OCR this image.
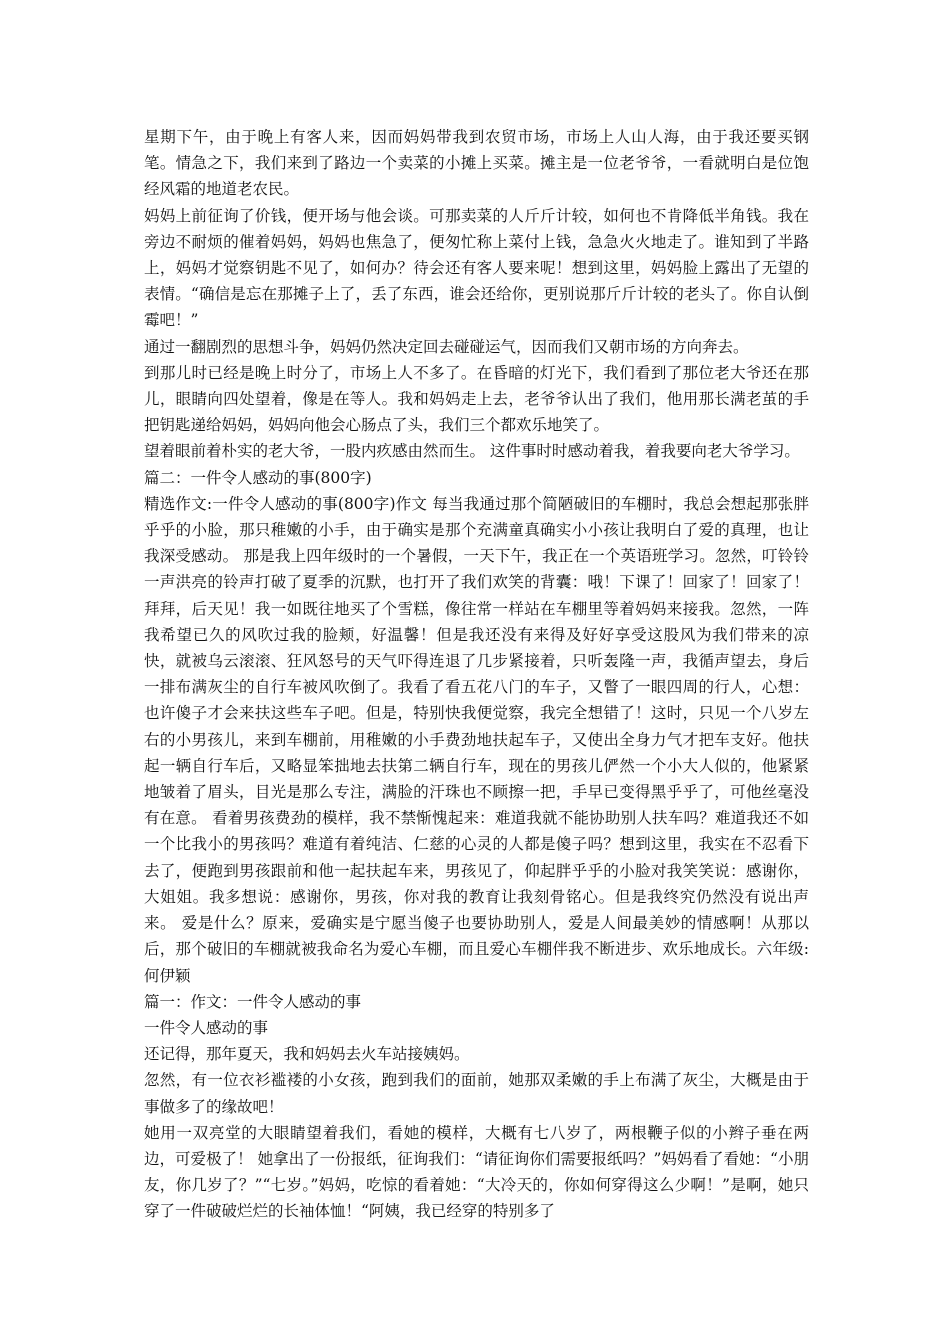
星期下午，由于晚上有客人来，因而妈妈带我到农贸市场，市场上人山人海，由于我还要买钢笔。情急之下，我们来到了路边一个卖菜的小摊上买菜。摊主是一位老爷爷，一看就明白是位饱经风霜的地道老农民。

妈妈上前征询了价钱，便开场与他会谈。可那卖菜的人斤斤计较，如何也不肯降低半角钱。我在旁边不耐烦的催着妈妈，妈妈也焦急了，便匆忙称上菜付上钱，急急火火地走了。谁知到了半路上，妈妈才觉察钥匙不见了，如何办？待会还有客人要来呢！想到这里，妈妈脸上露出了无望的表情。“确信是忘在那摊子上了，丢了东西，谁会还给你，更别说那斤斤计较的老头了。你自认倒霉吧！”

通过一翻剧烈的思想斗争，妈妈仍然决定回去碰碰运气，因而我们又朝市场的方向奔去。

到那儿时已经是晚上时分了，市场上人不多了。在昏暗的灯光下，我们看到了那位老大爷还在那儿，眼睛向四处望着，像是在等人。我和妈妈走上去，老爷爷认出了我们，他用那长满老茧的手把钥匙递给妈妈，妈妈向他会心肠点了头，我们三个都欢乐地笑了。

望着眼前着朴实的老大爷，一股内疚感由然而生。 这件事时时感动着我，着我要向老大爷学习。

篇二：一件令人感动的事(800字)

精选作文:一件令人感动的事(800字)作文 每当我通过那个简陋破旧的车棚时，我总会想起那张胖乎乎的小脸，那只稚嫩的小手，由于确实是那个充满童真确实小小孩让我明白了爱的真理，也让我深受感动。 那是我上四年级时的一个暑假，一天下午，我正在一个英语班学习。忽然，叮铃铃一声洪亮的铃声打破了夏季的沉默，也打开了我们欢笑的背囊：哦！下课了！回家了！回家了！拜拜，后天见！我一如既往地买了个雪糕，像往常一样站在车棚里等着妈妈来接我。忽然，一阵我希望已久的风吹过我的脸颊，好温馨！但是我还没有来得及好好享受这股风为我们带来的凉快，就被乌云滚滚、狂风怒号的天气吓得连退了几步紧接着，只听轰隆一声，我循声望去，身后一排布满灰尘的自行车被风吹倒了。我看了看五花八门的车子，又瞥了一眼四周的行人，心想：也许傻子才会来扶这些车子吧。但是，特别快我便觉察，我完全想错了！这时，只见一个八岁左右的小男孩儿，来到车棚前，用稚嫩的小手费劲地扶起车子，又使出全身力气才把车支好。他扶起一辆自行车后，又略显笨拙地去扶第二辆自行车，现在的男孩儿俨然一个小大人似的，他紧紧地皱着了眉头，目光是那么专注，满脸的汗珠也不顾擦一把，手早已变得黑乎乎了，可他丝毫没有在意。 看着男孩费劲的模样，我不禁惭愧起来：难道我就不能协助别人扶车吗？难道我还不如一个比我小的男孩吗？难道有着纯洁、仁慈的心灵的人都是傻子吗？想到这里，我实在不忍看下去了，便跑到男孩跟前和他一起扶起车来，男孩见了，仰起胖乎乎的小脸对我笑笑说：感谢你，大姐姐。我多想说：感谢你，男孩，你对我的教育让我刻骨铭心。但是我终究仍然没有说出声来。 爱是什么？原来，爱确实是宁愿当傻子也要协助别人，爱是人间最美妙的情感啊！从那以后，那个破旧的车棚就被我命名为爱心车棚，而且爱心车棚伴我不断进步、欢乐地成长。六年级:何伊颖

篇一：作文：一件令人感动的事

一件令人感动的事

还记得，那年夏天，我和妈妈去火车站接姨妈。

忽然，有一位衣衫褴褛的小女孩，跑到我们的面前，她那双柔嫩的手上布满了灰尘，大概是由于事做多了的缘故吧！

她用一双亮堂的大眼睛望着我们，看她的模样，大概有七八岁了，两根鞭子似的小辫子垂在两边，可爱极了！ 她拿出了一份报纸，征询我们：“请征询你们需要报纸吗？”妈妈看了看她：“小朋友，你几岁了？”“七岁。”妈妈，吃惊的看着她：“大冷天的，你如何穿得这么少啊！”是啊，她只穿了一件破破烂烂的长袖体恤！“阿姨，我已经穿的特别多了
